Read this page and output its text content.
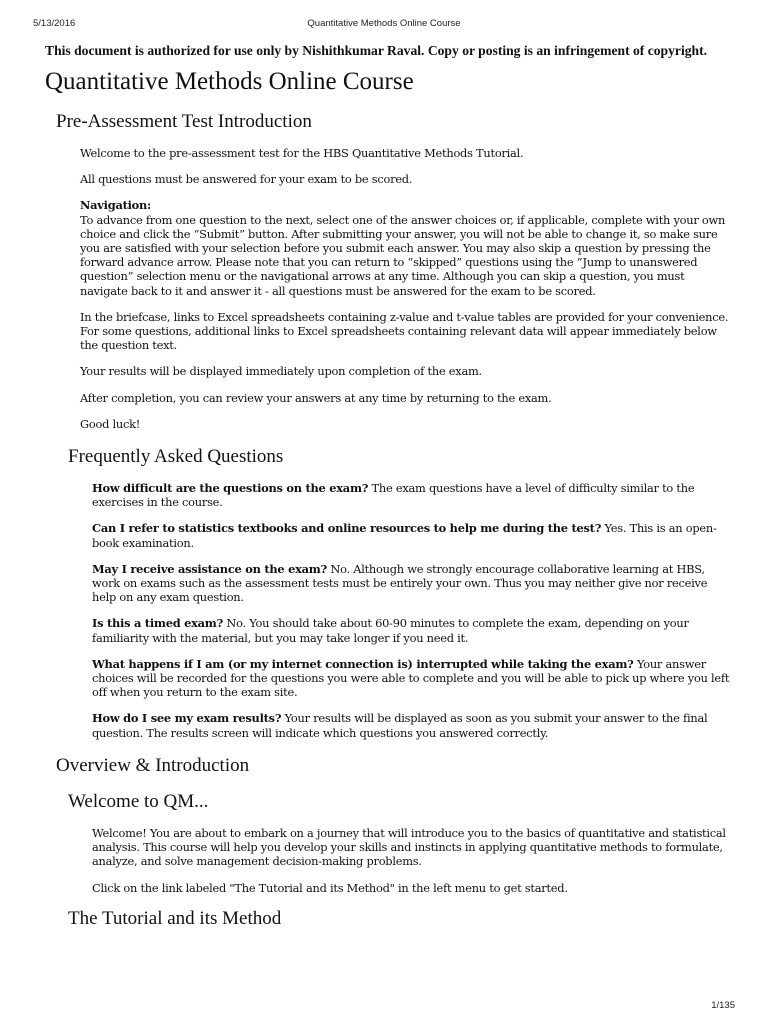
5/13/2016	Quantitative Methods Online Course

This document is authorized for use only by Nishithkumar Raval. Copy or posting is an infringement of copyright.

Quantitative Methods Online Course
Pre-Assessment Test Introduction

Welcome to the pre-assessment test for the HBS Quantitative Methods Tutorial.

All questions must be answered for your exam to be scored.

Navigation:
To advance from one question to the next, select one of the answer choices or, if applicable, complete with your own choice and click the “Submit” button. After submitting your answer, you will not be able to change it, so make sure you are satisfied with your selection before you submit each answer. You may also skip a question by pressing the forward advance arrow. Please note that you can return to “skipped” questions using the “Jump to unanswered question” selection menu or the navigational arrows at any time. Although you can skip a question, you must navigate back to it and answer it - all questions must be answered for the exam to be scored.

In the briefcase, links to Excel spreadsheets containing z-value and t-value tables are provided for your convenience. For some questions, additional links to Excel spreadsheets containing relevant data will appear immediately below the question text.

Your results will be displayed immediately upon completion of the exam.

After completion, you can review your answers at any time by returning to the exam.

Good luck!

Frequently Asked Questions

How difficult are the questions on the exam? The exam questions have a level of difficulty similar to the exercises in the course.

Can I refer to statistics textbooks and online resources to help me during the test? Yes. This is an open-book examination.

May I receive assistance on the exam? No. Although we strongly encourage collaborative learning at HBS, work on exams such as the assessment tests must be entirely your own. Thus you may neither give nor receive help on any exam question.

Is this a timed exam? No. You should take about 60-90 minutes to complete the exam, depending on your familiarity with the material, but you may take longer if you need it.

What happens if I am (or my internet connection is) interrupted while taking the exam? Your answer choices will be recorded for the questions you were able to complete and you will be able to pick up where you left off when you return to the exam site.

How do I see my exam results? Your results will be displayed as soon as you submit your answer to the final question. The results screen will indicate which questions you answered correctly.

Overview & Introduction
Welcome to QM...

Welcome! You are about to embark on a journey that will introduce you to the basics of quantitative and statistical analysis. This course will help you develop your skills and instincts in applying quantitative methods to formulate, analyze, and solve management decision-making problems.

Click on the link labeled "The Tutorial and its Method" in the left menu to get started.

The Tutorial and its Method
1/135
